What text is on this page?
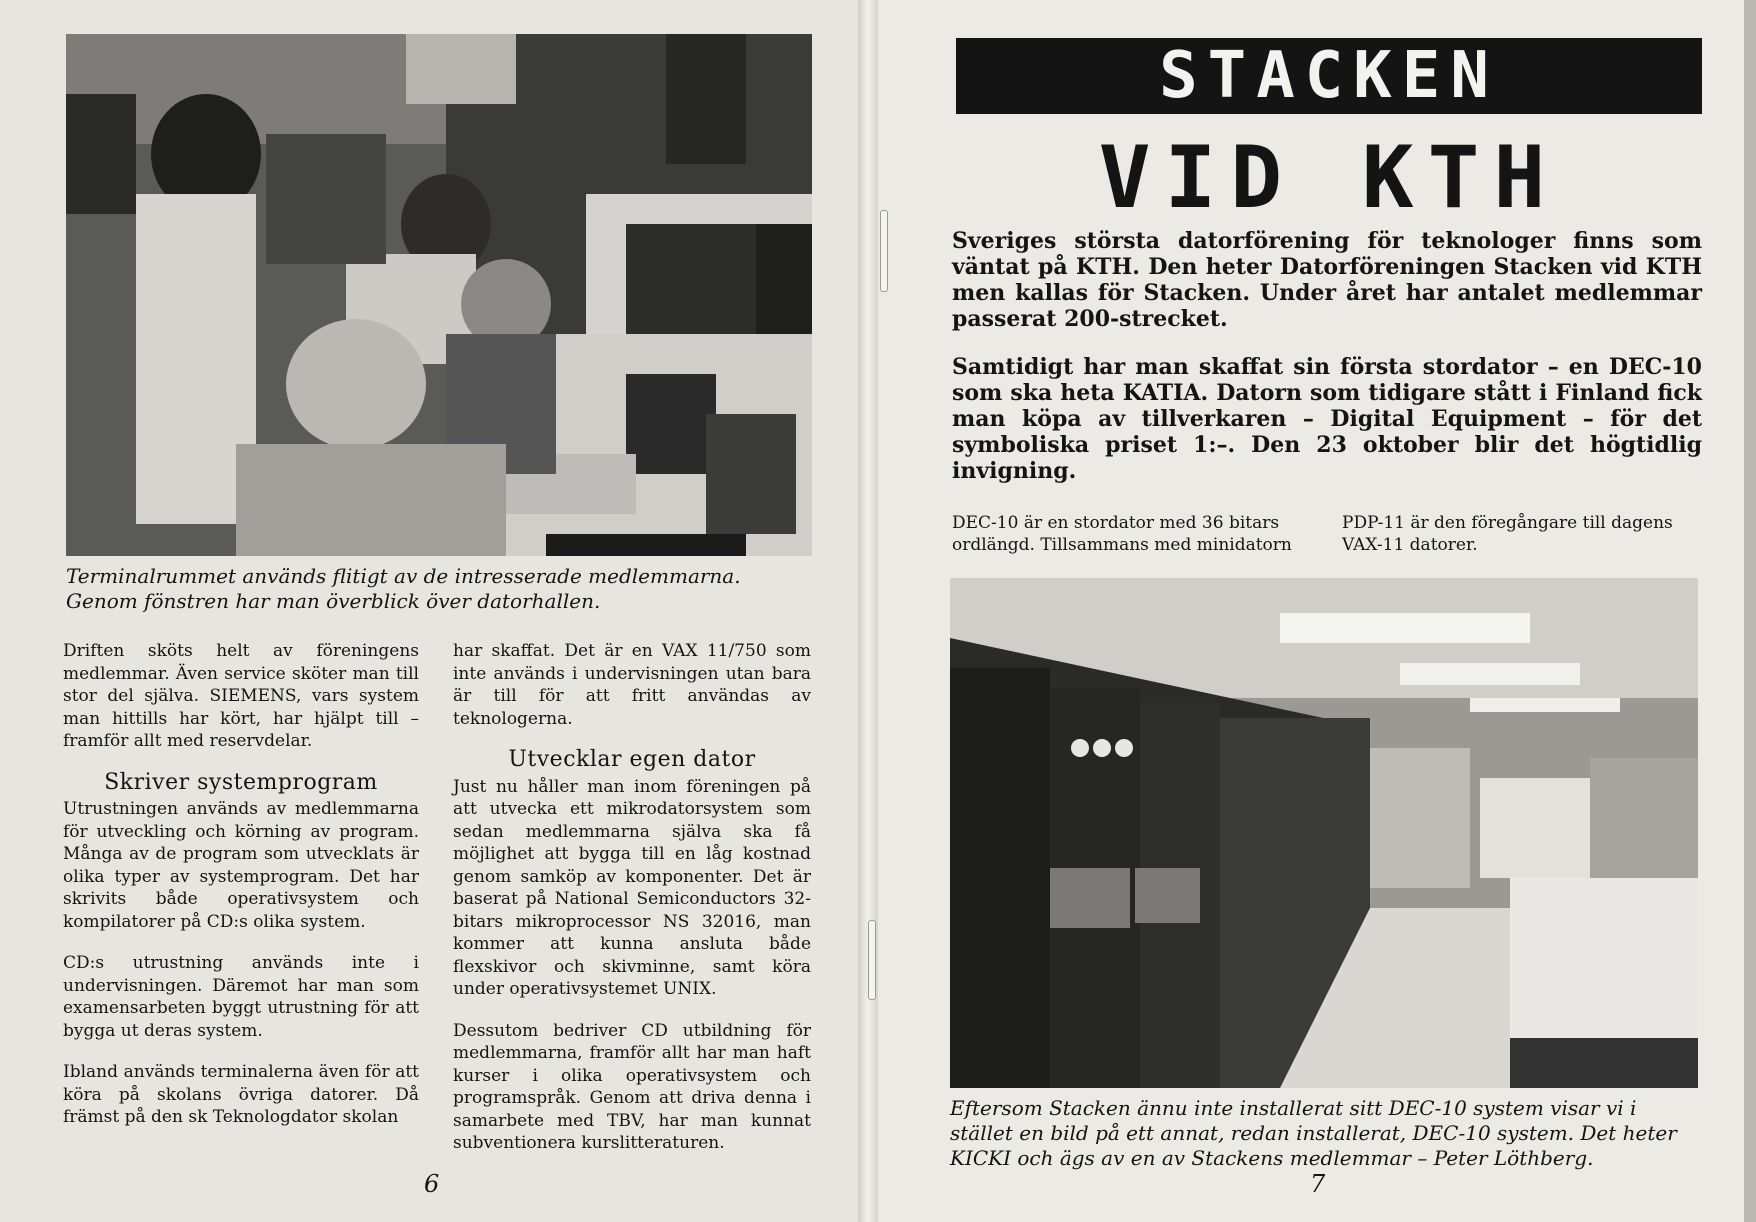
Terminalrummet används flitigt av de intresserade medlemmarna. Genom fönstren har man överblick över datorhallen.

Driften sköts helt av föreningens medlemmar. Även service sköter man till stor del själva. SIEMENS, vars system man hittills har kört, har hjälpt till – framför allt med reservdelar.

Skriver systemprogram

Utrustningen används av medlemmarna för utveckling och körning av program. Många av de program som utvecklats är olika typer av systemprogram. Det har skrivits både operativsystem och kompilatorer på CD:s olika system.

CD:s utrustning används inte i undervisningen. Däremot har man som examensarbeten byggt utrustning för att bygga ut deras system.

Ibland används terminalerna även för att köra på skolans övriga datorer. Då främst på den sk Teknologdator skolan

har skaffat. Det är en VAX 11/750 som inte används i undervisningen utan bara är till för att fritt användas av teknologerna.

Utvecklar egen dator

Just nu håller man inom föreningen på att utvecka ett mikrodatorsystem som sedan medlemmarna själva ska få möjlighet att bygga till en låg kostnad genom samköp av komponenter. Det är baserat på National Semiconductors 32-bitars mikroprocessor NS 32016, man kommer att kunna ansluta både flexskivor och skivminne, samt köra under operativsystemet UNIX.

Dessutom bedriver CD utbildning för medlemmarna, framför allt har man haft kurser i olika operativsystem och programspråk. Genom att driva denna i samarbete med TBV, har man kunnat subventionera kurslitteraturen.

6
STACKEN
VID KTH

Sveriges största datorförening för teknologer finns som väntat på KTH. Den heter Datorföreningen Stacken vid KTH men kallas för Stacken. Under året har antalet medlemmar passerat 200-strecket.

Samtidigt har man skaffat sin första stordator – en DEC-10 som ska heta KATIA. Datorn som tidigare stått i Finland fick man köpa av tillverkaren – Digital Equipment – för det symboliska priset 1:–. Den 23 oktober blir det högtidlig invigning.

DEC-10 är en stordator med 36 bitars ordlängd. Tillsammans med minidatorn
PDP-11 är den föregångare till dagens VAX-11 datorer.
Eftersom Stacken ännu inte installerat sitt DEC-10 system visar vi i stället en bild på ett annat, redan installerat, DEC-10 system. Det heter KICKI och ägs av en av Stackens medlemmar – Peter Löthberg.
7
